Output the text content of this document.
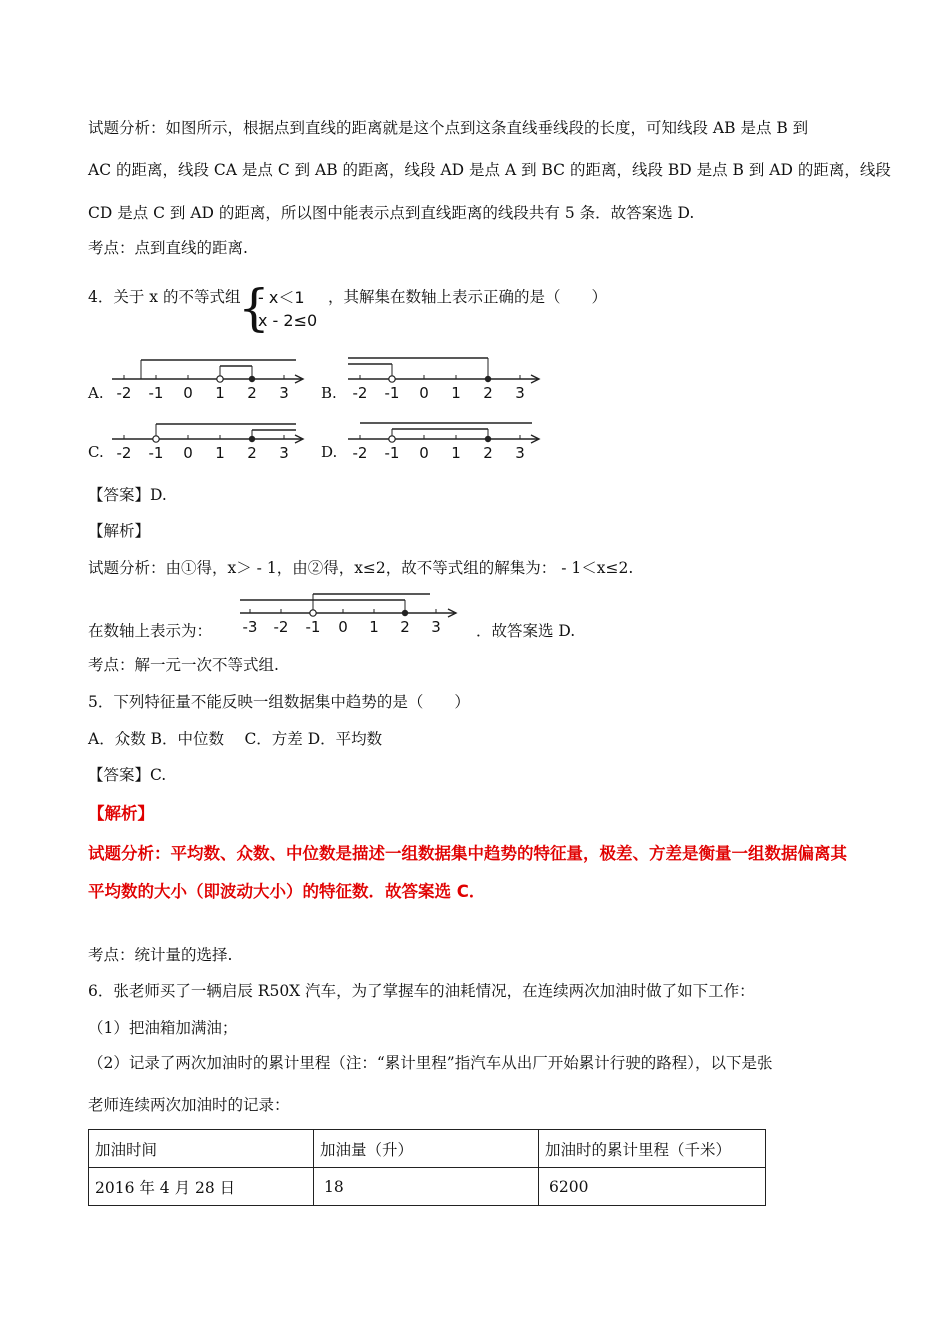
试题分析：如图所示，根据点到直线的距离就是这个点到这条直线垂线段的长度，可知线段 AB 是点 B 到
AC 的距离，线段 CA 是点 C 到 AB 的距离，线段 AD 是点 A 到 BC 的距离，线段 BD 是点 B 到 AD 的距离，线段
CD 是点 C 到 AD 的距离，所以图中能表示点到直线距离的线段共有 5 条．故答案选 D.
考点：点到直线的距离.
4．关于 x 的不等式组
{
- x＜1
x - 2≤0
，其解集在数轴上表示正确的是（　　）
A.	B.
C.	D.
-2 -1 0 1 2 3	-2 -1 0 1 2 3
-2 -1 0 1 2 3	-2 -1 0 1 2 3
【答案】D.
【解析】
试题分析：由①得，x＞ - 1，由②得，x≤2，故不等式组的解集为： - 1＜x≤2.
在数轴上表示为： -3 -2 -1 0 1 2 3 ．故答案选 D.
考点：解一元一次不等式组.
5．下列特征量不能反映一组数据集中趋势的是（　　）
A．众数 B．中位数　 C．方差 D．平均数
【答案】C.
【解析】
试题分析：平均数、众数、中位数是描述一组数据集中趋势的特征量，极差、方差是衡量一组数据偏离其
平均数的大小（即波动大小）的特征数．故答案选 C．
考点：统计量的选择.
6．张老师买了一辆启辰 R50X 汽车，为了掌握车的油耗情况，在连续两次加油时做了如下工作：
（1）把油箱加满油；
（2）记录了两次加油时的累计里程（注：“累计里程”指汽车从出厂开始累计行驶的路程），以下是张
老师连续两次加油时的记录：
加油时间	加油量（升）	加油时的累计里程（千米）
2016 年 4 月 28 日	18	6200
